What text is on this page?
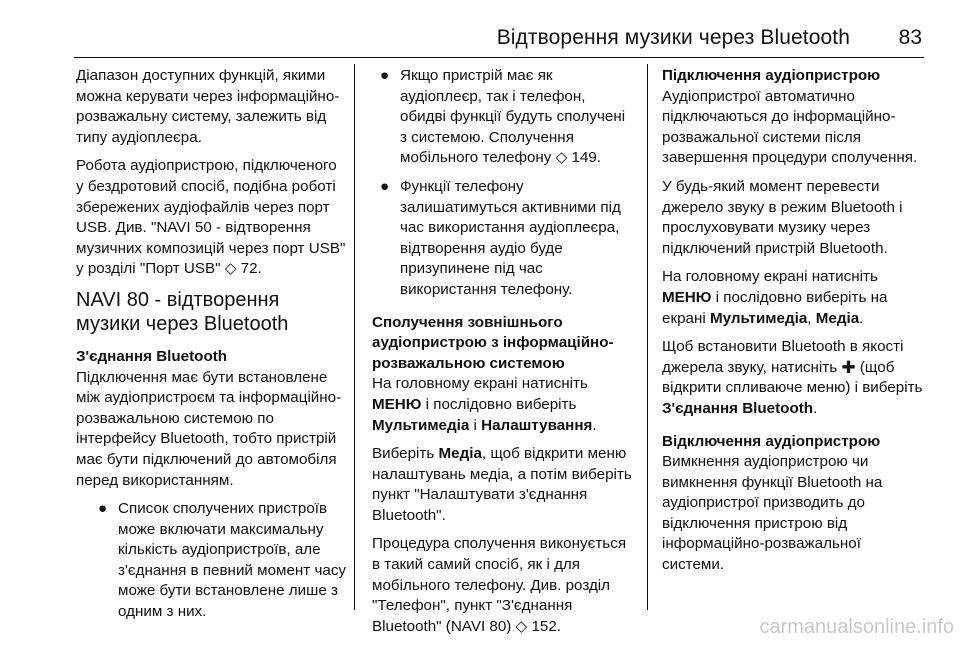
Відтворення музики через Bluetooth 83

Діапазон доступних функцій, якими можна керувати через інформаційно-розважальну систему, залежить від типу аудіоплеєра.

Робота аудіопристрою, підключеного у бездротовий спосіб, подібна роботі збережених аудіофайлів через порт USB. Див. "NAVI 50 - відтворення музичних композицій через порт USB" у розділі "Порт USB" ◇ 72.

NAVI 80 - відтворення музики через Bluetooth
З'єднання Bluetooth

Підключення має бути встановлене між аудіопристроєм та інформаційно-розважальною системою по інтерфейсу Bluetooth, тобто пристрій має бути підключений до автомобіля перед використанням.

● Список сполучених пристроїв може включати максимальну кількість аудіопристроїв, але з'єднання в певний момент часу може бути встановлене лише з одним з них.
● Якщо пристрій має як аудіоплеєр, так і телефон, обидві функції будуть сполучені з системою. Сполучення мобільного телефону ◇ 149.
● Функції телефону залишатимуться активними під час використання аудіоплеєра, відтворення аудіо буде призупинене під час використання телефону.
Сполучення зовнішнього аудіопристрою з інформаційно-розважальною системою

На головному екрані натисніть МЕНЮ і послідовно виберіть Мультимедіа і Налаштування.

Виберіть Медіа, щоб відкрити меню налаштувань медіа, а потім виберіть пункт "Налаштувати з'єднання Bluetooth".

Процедура сполучення виконується в такий самий спосіб, як і для мобільного телефону. Див. розділ "Телефон", пункт "З'єднання Bluetooth" (NAVI 80) ◇ 152.

Підключення аудіопристрою

Аудіопристрої автоматично підключаються до інформаційно-розважальної системи після завершення процедури сполучення.

У будь-який момент перевести джерело звуку в режим Bluetooth і прослуховувати музику через підключений пристрій Bluetooth.

На головному екрані натисніть МЕНЮ і послідовно виберіть на екрані Мультимедіа, Медіа.

Щоб встановити Bluetooth в якості джерела звуку, натисніть ✚ (щоб відкрити спливаюче меню) і виберіть З'єднання Bluetooth.

Відключення аудіопристрою

Вимкнення аудіопристрою чи вимкнення функції Bluetooth на аудіопристрої призводить до відключення пристрою від інформаційно-розважальної системи.

carmanualsonline.info
